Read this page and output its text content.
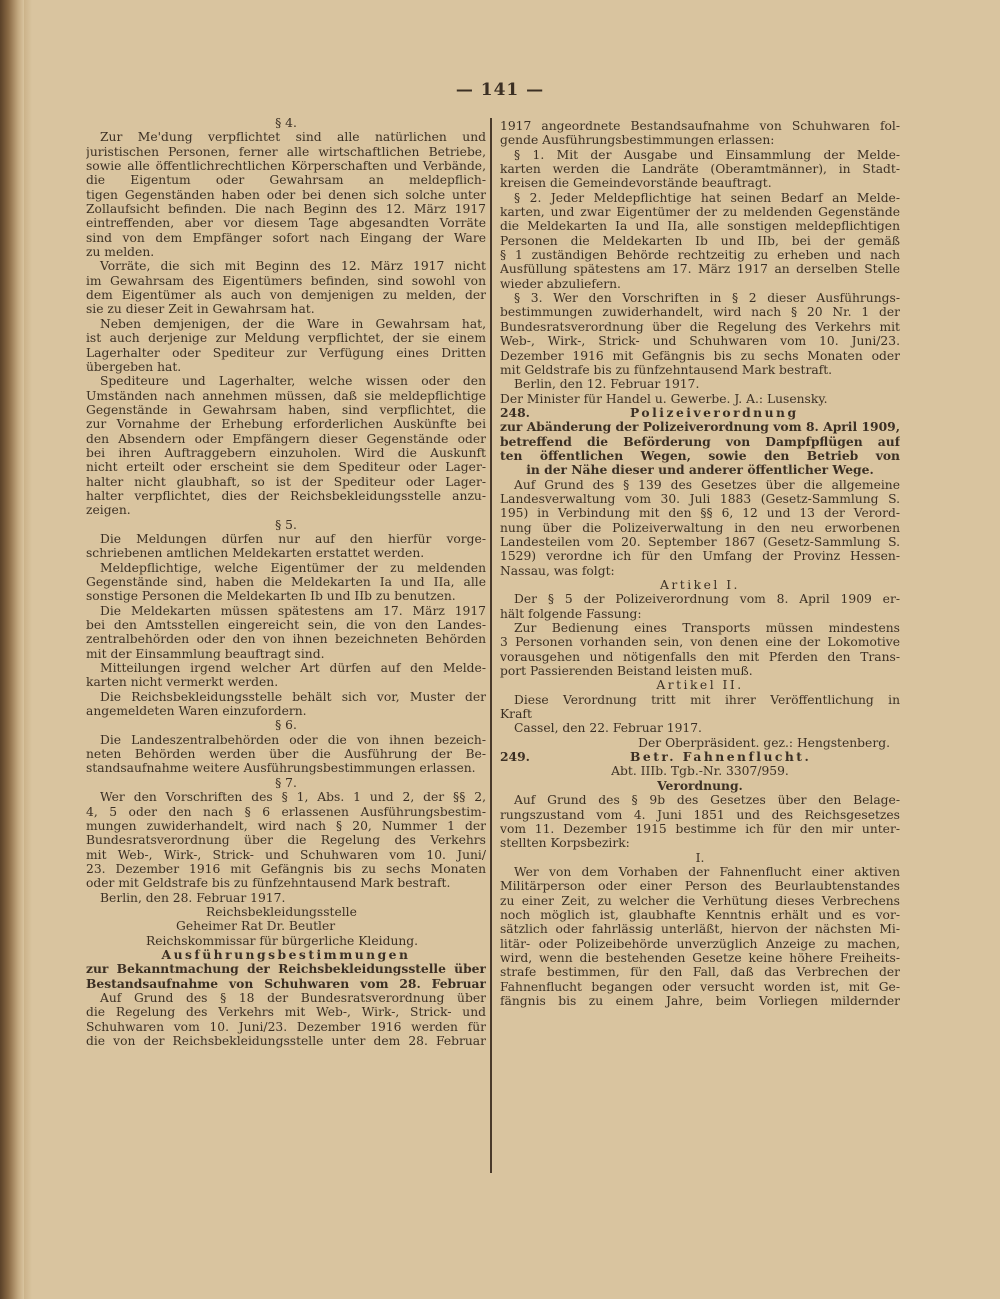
— 141 —
§ 4.
Zur Me'dung verpflichtet sind alle natürlichen und
juristischen Personen, ferner alle wirtschaftlichen Betriebe,
sowie alle öffentlichrechtlichen Körperschaften und Verbände,
die Eigentum oder Gewahrsam an meldepflich-
tigen Gegenständen haben oder bei denen sich solche unter
Zollaufsicht befinden. Die nach Beginn des 12. März 1917
eintreffenden, aber vor diesem Tage abgesandten Vorräte
sind von dem Empfänger sofort nach Eingang der Ware
zu melden.
Vorräte, die sich mit Beginn des 12. März 1917 nicht
im Gewahrsam des Eigentümers befinden, sind sowohl von
dem Eigentümer als auch von demjenigen zu melden, der
sie zu dieser Zeit in Gewahrsam hat.
Neben demjenigen, der die Ware in Gewahrsam hat,
ist auch derjenige zur Meldung verpflichtet, der sie einem
Lagerhalter oder Spediteur zur Verfügung eines Dritten
übergeben hat.
Spediteure und Lagerhalter, welche wissen oder den
Umständen nach annehmen müssen, daß sie meldepflichtige
Gegenstände in Gewahrsam haben, sind verpflichtet, die
zur Vornahme der Erhebung erforderlichen Auskünfte bei
den Absendern oder Empfängern dieser Gegenstände oder
bei ihren Auftraggebern einzuholen. Wird die Auskunft
nicht erteilt oder erscheint sie dem Spediteur oder Lager-
halter nicht glaubhaft, so ist der Spediteur oder Lager-
halter verpflichtet, dies der Reichsbekleidungsstelle anzu-
zeigen.
§ 5.
Die Meldungen dürfen nur auf den hierfür vorge-
schriebenen amtlichen Meldekarten erstattet werden.
Meldepflichtige, welche Eigentümer der zu meldenden
Gegenstände sind, haben die Meldekarten Ia und IIa, alle
sonstige Personen die Meldekarten Ib und IIb zu benutzen.
Die Meldekarten müssen spätestens am 17. März 1917
bei den Amtsstellen eingereicht sein, die von den Landes-
zentralbehörden oder den von ihnen bezeichneten Behörden
mit der Einsammlung beauftragt sind.
Mitteilungen irgend welcher Art dürfen auf den Melde-
karten nicht vermerkt werden.
Die Reichsbekleidungsstelle behält sich vor, Muster der
angemeldeten Waren einzufordern.
§ 6.
Die Landeszentralbehörden oder die von ihnen bezeich-
neten Behörden werden über die Ausführung der Be-
standsaufnahme weitere Ausführungsbestimmungen erlassen.
§ 7.
Wer den Vorschriften des § 1, Abs. 1 und 2, der §§ 2,
4, 5 oder den nach § 6 erlassenen Ausführungsbestim-
mungen zuwiderhandelt, wird nach § 20, Nummer 1 der
Bundesratsverordnung über die Regelung des Verkehrs
mit Web-, Wirk-, Strick- und Schuhwaren vom 10. Juni/
23. Dezember 1916 mit Gefängnis bis zu sechs Monaten
oder mit Geldstrafe bis zu fünfzehntausend Mark bestraft.
Berlin, den 28. Februar 1917.
Reichsbekleidungsstelle
Geheimer Rat Dr. Beutler
Reichskommissar für bürgerliche Kleidung.
Ausführungsbestimmungen
zur Bekanntmachung der Reichsbekleidungsstelle über
Bestandsaufnahme von Schuhwaren vom 28. Februar
Auf Grund des § 18 der Bundesratsverordnung über
die Regelung des Verkehrs mit Web-, Wirk-, Strick- und
Schuhwaren vom 10. Juni/23. Dezember 1916 werden für
die von der Reichsbekleidungsstelle unter dem 28. Februar
1917 angeordnete Bestandsaufnahme von Schuhwaren fol-
gende Ausführungsbestimmungen erlassen:
§ 1. Mit der Ausgabe und Einsammlung der Melde-
karten werden die Landräte (Oberamtmänner), in Stadt-
kreisen die Gemeindevorstände beauftragt.
§ 2. Jeder Meldepflichtige hat seinen Bedarf an Melde-
karten, und zwar Eigentümer der zu meldenden Gegenstände
die Meldekarten Ia und IIa, alle sonstigen meldepflichtigen
Personen die Meldekarten Ib und IIb, bei der gemäß
§ 1 zuständigen Behörde rechtzeitig zu erheben und nach
Ausfüllung spätestens am 17. März 1917 an derselben Stelle
wieder abzuliefern.
§ 3. Wer den Vorschriften in § 2 dieser Ausführungs-
bestimmungen zuwiderhandelt, wird nach § 20 Nr. 1 der
Bundesratsverordnung über die Regelung des Verkehrs mit
Web-, Wirk-, Strick- und Schuhwaren vom 10. Juni/23.
Dezember 1916 mit Gefängnis bis zu sechs Monaten oder
mit Geldstrafe bis zu fünfzehntausend Mark bestraft.
Berlin, den 12. Februar 1917.
Der Minister für Handel u. Gewerbe. J. A.: Lusensky.
248.	Polizeiverordnung
zur Abänderung der Polizeiverordnung vom 8. April 1909,
betreffend die Beförderung von Dampfpflügen auf
ten öffentlichen Wegen, sowie den Betrieb von
in der Nähe dieser und anderer öffentlicher Wege.
Auf Grund des § 139 des Gesetzes über die allgemeine
Landesverwaltung vom 30. Juli 1883 (Gesetz-Sammlung S.
195) in Verbindung mit den §§ 6, 12 und 13 der Verord-
nung über die Polizeiverwaltung in den neu erworbenen
Landesteilen vom 20. September 1867 (Gesetz-Sammlung S.
1529) verordne ich für den Umfang der Provinz Hessen-
Nassau, was folgt:
Artikel I.
Der § 5 der Polizeiverordnung vom 8. April 1909 er-
hält folgende Fassung:
Zur Bedienung eines Transports müssen mindestens
3 Personen vorhanden sein, von denen eine der Lokomotive
vorausgehen und nötigenfalls den mit Pferden den Trans-
port Passierenden Beistand leisten muß.
Artikel II.
Diese Verordnung tritt mit ihrer Veröffentlichung in
Kraft
Cassel, den 22. Februar 1917.
Der Oberpräsident. gez.: Hengstenberg.
249.	Betr. Fahnenflucht.
Abt. IIIb. Tgb.-Nr. 3307/959.
Verordnung.
Auf Grund des § 9b des Gesetzes über den Belage-
rungszustand vom 4. Juni 1851 und des Reichsgesetzes
vom 11. Dezember 1915 bestimme ich für den mir unter-
stellten Korpsbezirk:
I.
Wer von dem Vorhaben der Fahnenflucht einer aktiven
Militärperson oder einer Person des Beurlaubtenstandes
zu einer Zeit, zu welcher die Verhütung dieses Verbrechens
noch möglich ist, glaubhafte Kenntnis erhält und es vor-
sätzlich oder fahrlässig unterläßt, hiervon der nächsten Mi-
litär- oder Polizeibehörde unverzüglich Anzeige zu machen,
wird, wenn die bestehenden Gesetze keine höhere Freiheits-
strafe bestimmen, für den Fall, daß das Verbrechen der
Fahnenflucht begangen oder versucht worden ist, mit Ge-
fängnis bis zu einem Jahre, beim Vorliegen mildernder
